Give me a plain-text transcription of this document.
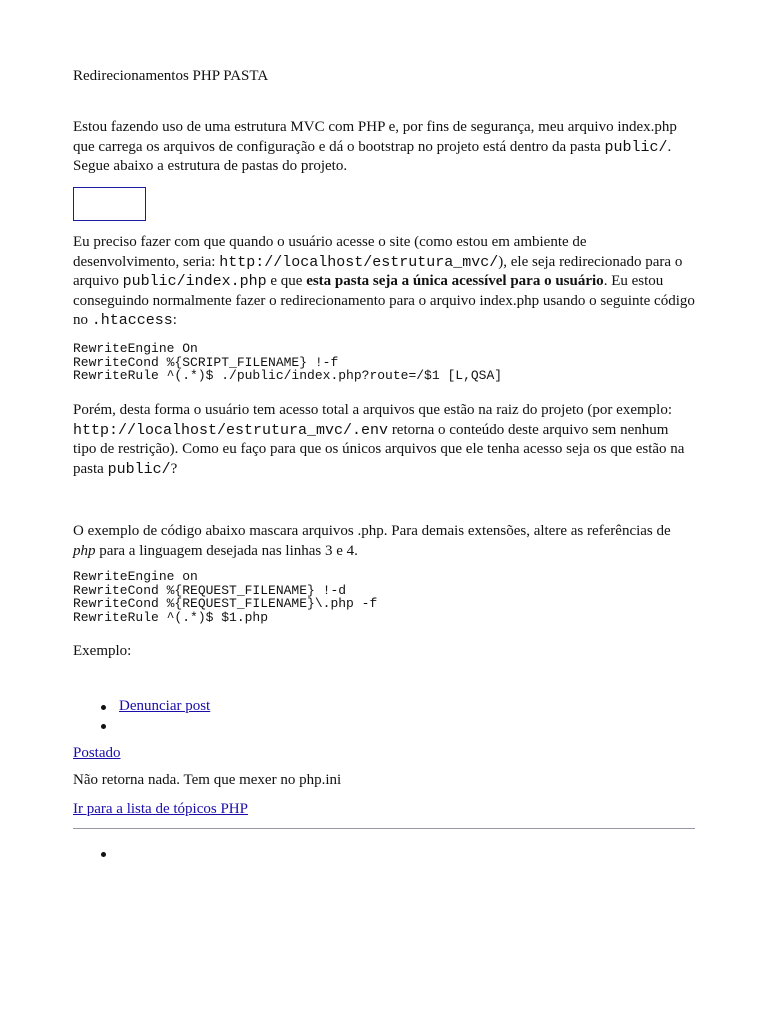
Redirecionamentos PHP PASTA

Estou fazendo uso de uma estrutura MVC com PHP e, por fins de segurança, meu arquivo index.php que carrega os arquivos de configuração e dá o bootstrap no projeto está dentro da pasta public/. Segue abaixo a estrutura de pastas do projeto.

Eu preciso fazer com que quando o usuário acesse o site (como estou em ambiente de desenvolvimento, seria: http://localhost/estrutura_mvc/), ele seja redirecionado para o arquivo public/index.php e que esta pasta seja a única acessível para o usuário. Eu estou conseguindo normalmente fazer o redirecionamento para o arquivo index.php usando o seguinte código no .htaccess:

RewriteEngine On
RewriteCond %{SCRIPT_FILENAME} !-f
RewriteRule ^(.*)$ ./public/index.php?route=/$1 [L,QSA]

Porém, desta forma o usuário tem acesso total a arquivos que estão na raiz do projeto (por exemplo: http://localhost/estrutura_mvc/.env retorna o conteúdo deste arquivo sem nenhum tipo de restrição). Como eu faço para que os únicos arquivos que ele tenha acesso seja os que estão na pasta public/?

O exemplo de código abaixo mascara arquivos .php. Para demais extensões, altere as referências de php para a linguagem desejada nas linhas 3 e 4.

RewriteEngine on
RewriteCond %{REQUEST_FILENAME} !-d
RewriteCond %{REQUEST_FILENAME}\.php -f
RewriteRule ^(.*)$ $1.php

Exemplo:

Denunciar post

Postado

Não retorna nada. Tem que mexer no php.ini

Ir para a lista de tópicos PHP
